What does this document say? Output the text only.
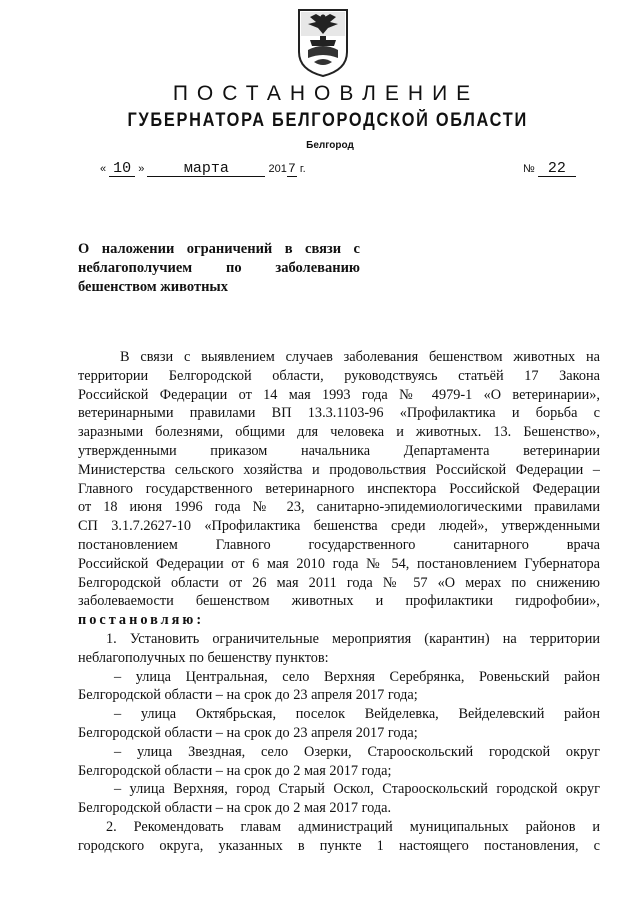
ПОСТАНОВЛЕНИЕ
ГУБЕРНАТОРА БЕЛГОРОДСКОЙ ОБЛАСТИ
Белгород
« 10 »	марта	2017 г.	№ 22
О наложении ограничений в связи с
неблагополучием по заболеванию
бешенством животных
В связи с выявлением случаев заболевания бешенством животных на
территории Белгородской области, руководствуясь статьёй 17 Закона
Российской Федерации от 14 мая 1993 года № 4979-1 «О ветеринарии»,
ветеринарными правилами ВП 13.3.1103-96 «Профилактика и борьба с
заразными болезнями, общими для человека и животных. 13. Бешенство»,
утвержденными приказом начальника Департамента ветеринарии
Министерства сельского хозяйства и продовольствия Российской Федерации –
Главного государственного ветеринарного инспектора Российской Федерации
от 18 июня 1996 года № 23, санитарно-эпидемиологическими правилами
СП 3.1.7.2627-10 «Профилактика бешенства среди людей», утвержденными
постановлением Главного государственного санитарного врача
Российской Федерации от 6 мая 2010 года № 54, постановлением Губернатора
Белгородской области от 26 мая 2011 года № 57 «О мерах по снижению
заболеваемости бешенством животных и профилактики гидрофобии»,
постановляю:
1. Установить ограничительные мероприятия (карантин) на территории
неблагополучных по бешенству пунктов:
– улица Центральная, село Верхняя Серебрянка, Ровеньский район
Белгородской области – на срок до 23 апреля 2017 года;
– улица Октябрьская, поселок Вейделевка, Вейделевский район
Белгородской области – на срок до 23 апреля 2017 года;
– улица Звездная, село Озерки, Старооскольский городской округ
Белгородской области – на срок до 2 мая 2017 года;
– улица Верхняя, город Старый Оскол, Старооскольский городской округ
Белгородской области – на срок до 2 мая 2017 года.
2. Рекомендовать главам администраций муниципальных районов и
городского округа, указанных в пункте 1 настоящего постановления, с
